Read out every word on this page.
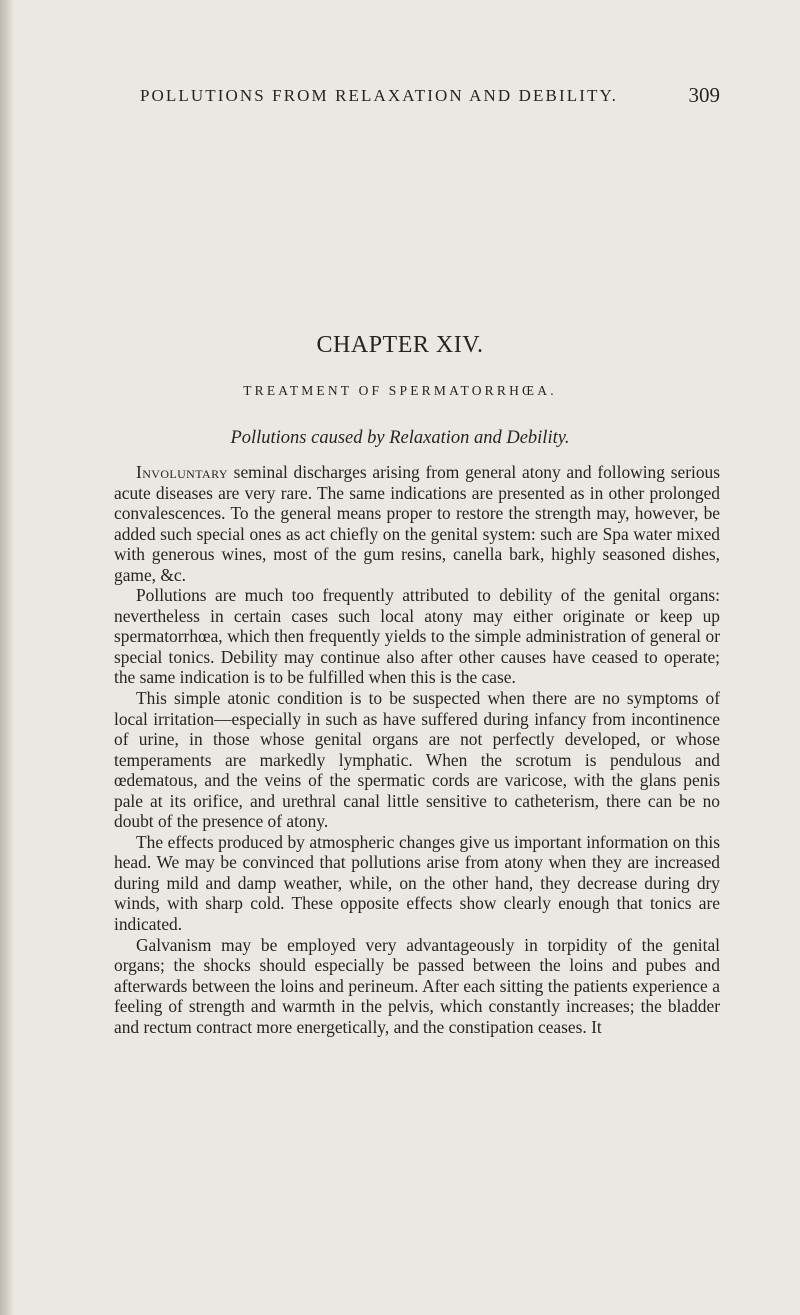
POLLUTIONS FROM RELAXATION AND DEBILITY.	309
CHAPTER XIV.
TREATMENT OF SPERMATORRHŒA.
Pollutions caused by Relaxation and Debility.

Involuntary seminal discharges arising from general atony and following serious acute diseases are very rare. The same indications are presented as in other prolonged convalescences. To the general means proper to restore the strength may, however, be added such special ones as act chiefly on the genital system: such are Spa water mixed with generous wines, most of the gum resins, canella bark, highly seasoned dishes, game, &c.

Pollutions are much too frequently attributed to debility of the genital organs: nevertheless in certain cases such local atony may either originate or keep up spermatorrhœa, which then frequently yields to the simple administration of general or special tonics. Debility may continue also after other causes have ceased to operate; the same indication is to be fulfilled when this is the case.

This simple atonic condition is to be suspected when there are no symptoms of local irritation—especially in such as have suffered during infancy from incontinence of urine, in those whose genital organs are not perfectly developed, or whose temperaments are markedly lymphatic. When the scrotum is pendulous and œdematous, and the veins of the spermatic cords are varicose, with the glans penis pale at its orifice, and urethral canal little sensitive to catheterism, there can be no doubt of the presence of atony.

The effects produced by atmospheric changes give us important information on this head. We may be convinced that pollutions arise from atony when they are increased during mild and damp weather, while, on the other hand, they decrease during dry winds, with sharp cold. These opposite effects show clearly enough that tonics are indicated.

Galvanism may be employed very advantageously in torpidity of the genital organs; the shocks should especially be passed between the loins and pubes and afterwards between the loins and perineum. After each sitting the patients experience a feeling of strength and warmth in the pelvis, which constantly increases; the bladder and rectum contract more energetically, and the constipation ceases. It
